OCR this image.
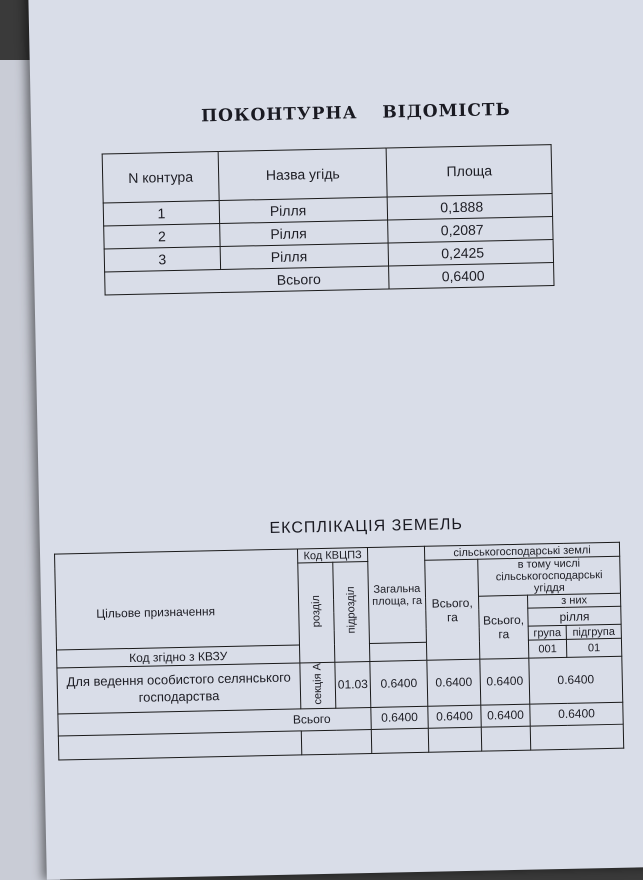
ПОКОНТУРНА ВІДОМІСТЬ
N контура	Назва угідь	Площа
1	Рілля	0,1888
2	Рілля	0,2087
3	Рілля	0,2425
	Всього	0,6400
ЕКСПЛІКАЦІЯ ЗЕМЕЛЬ
Цільове призначення	Код КВЦПЗ		Загальна площа, га	сільськогосподарські землі			
	розділ	підрозділ		Всього, га	в тому числі сільськогосподарські угіддя		
					Всього, га	з них	
						рілля	
						група	підгрупа
Код згідно з КВЗУ						001	01
Для ведення особистого селянського господарства	секція А	01.03	0.6400	0.6400	0.6400	0.6400	
Всього			0.6400	0.6400	0.6400	0.6400	
